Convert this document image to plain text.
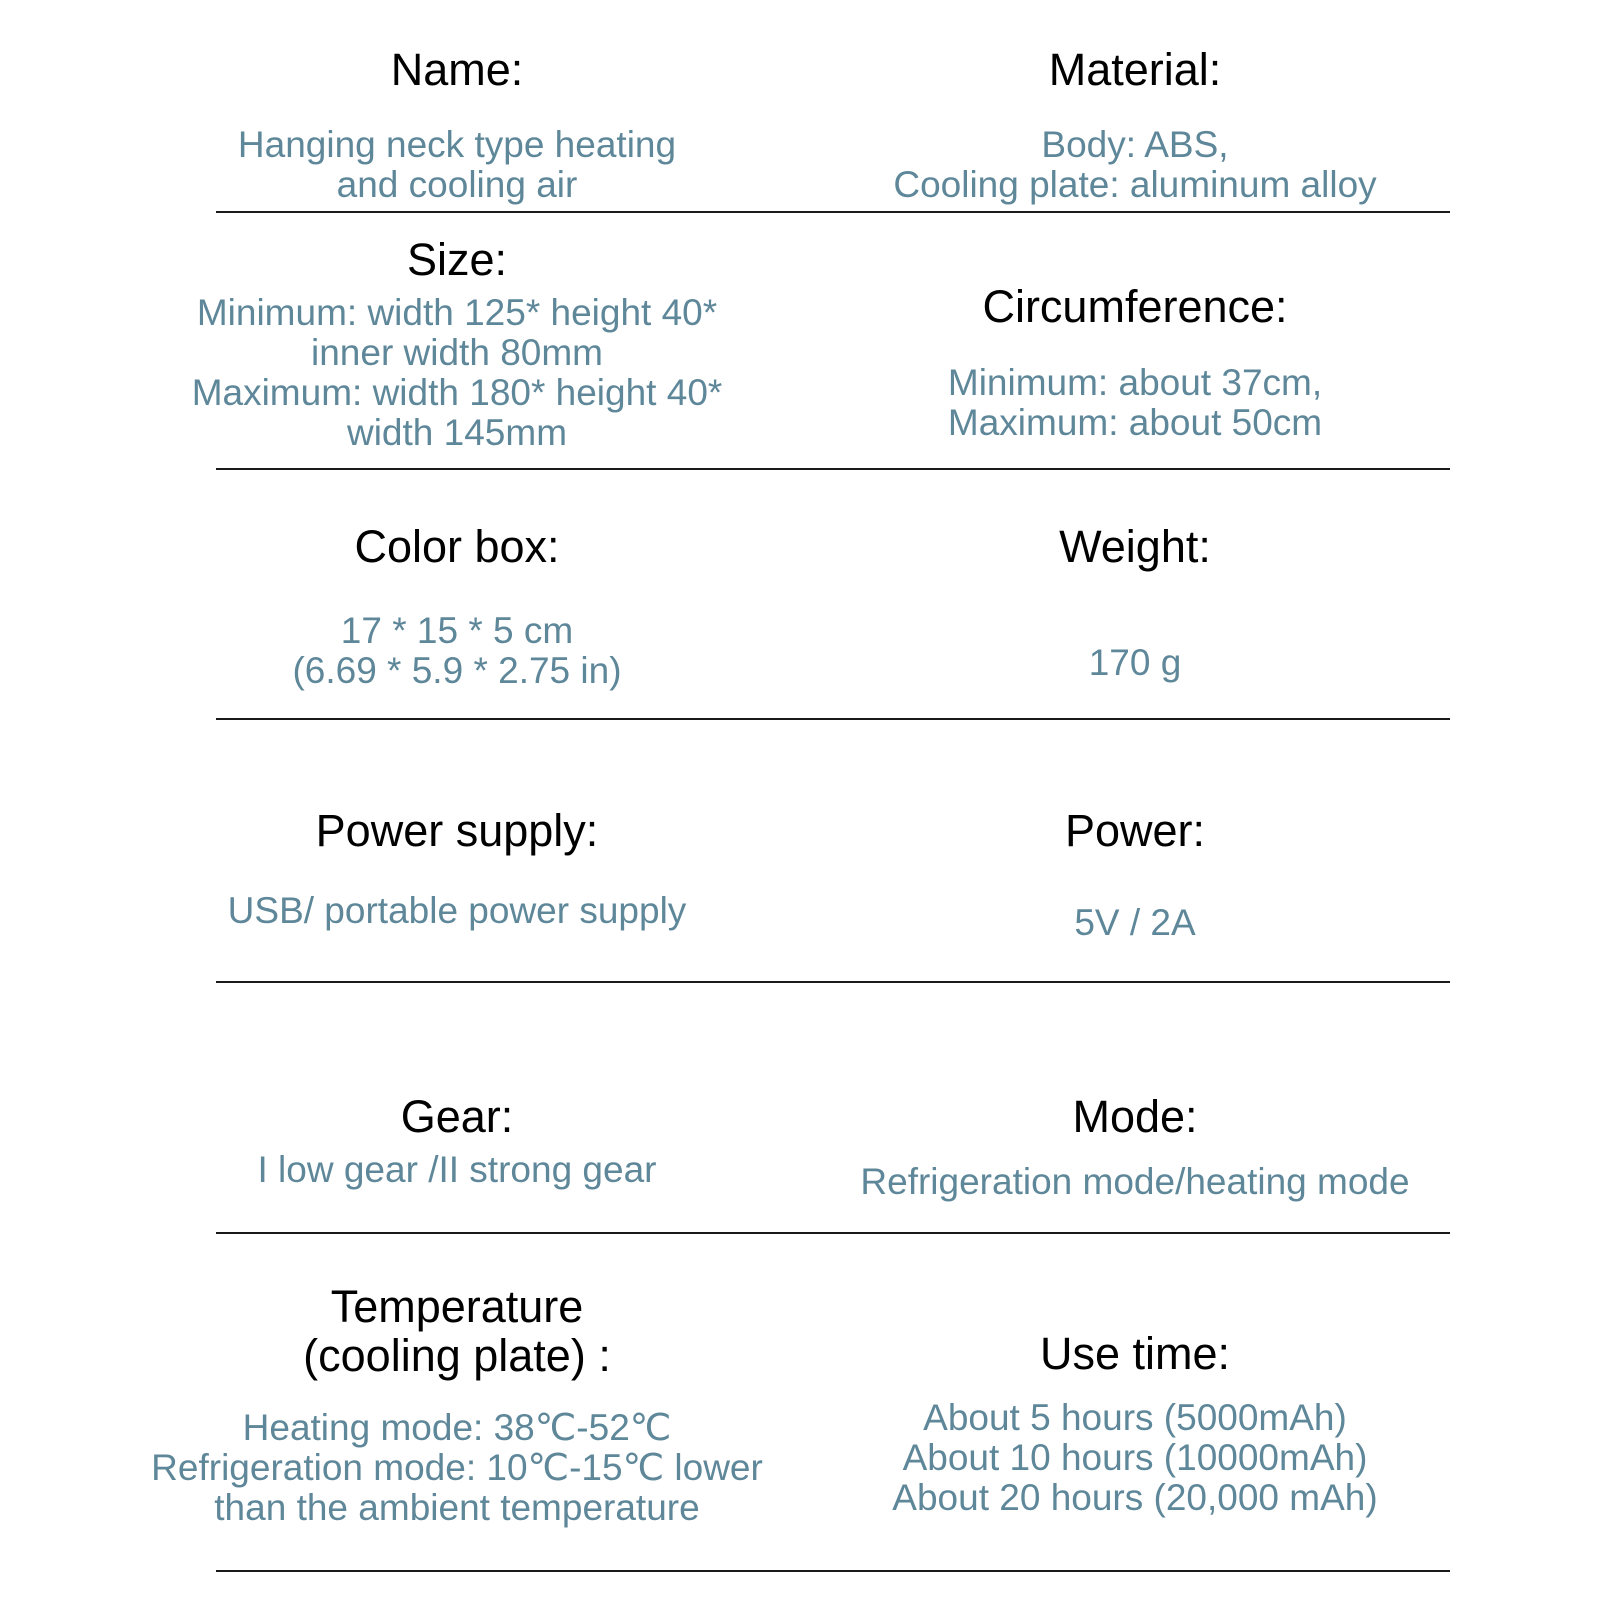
Name:
Hanging neck type heating
and cooling air
Material:
Body: ABS,
Cooling plate: aluminum alloy
Size:
Minimum: width 125* height 40*
inner width 80mm
Maximum: width 180* height 40*
width 145mm
Circumference:
Minimum: about 37cm,
Maximum: about 50cm
Color box:
17 * 15 * 5 cm
(6.69 * 5.9 * 2.75 in)
Weight:
170 g
Power supply:
USB/ portable power supply
Power:
5V / 2A
Gear:
I low gear /II strong gear
Mode:
Refrigeration mode/heating mode
Temperature
(cooling plate) :
Heating mode: 38℃-52℃
Refrigeration mode: 10℃-15℃ lower
than the ambient temperature
Use time:
About 5 hours (5000mAh)
About 10 hours (10000mAh)
About 20 hours (20,000 mAh)
